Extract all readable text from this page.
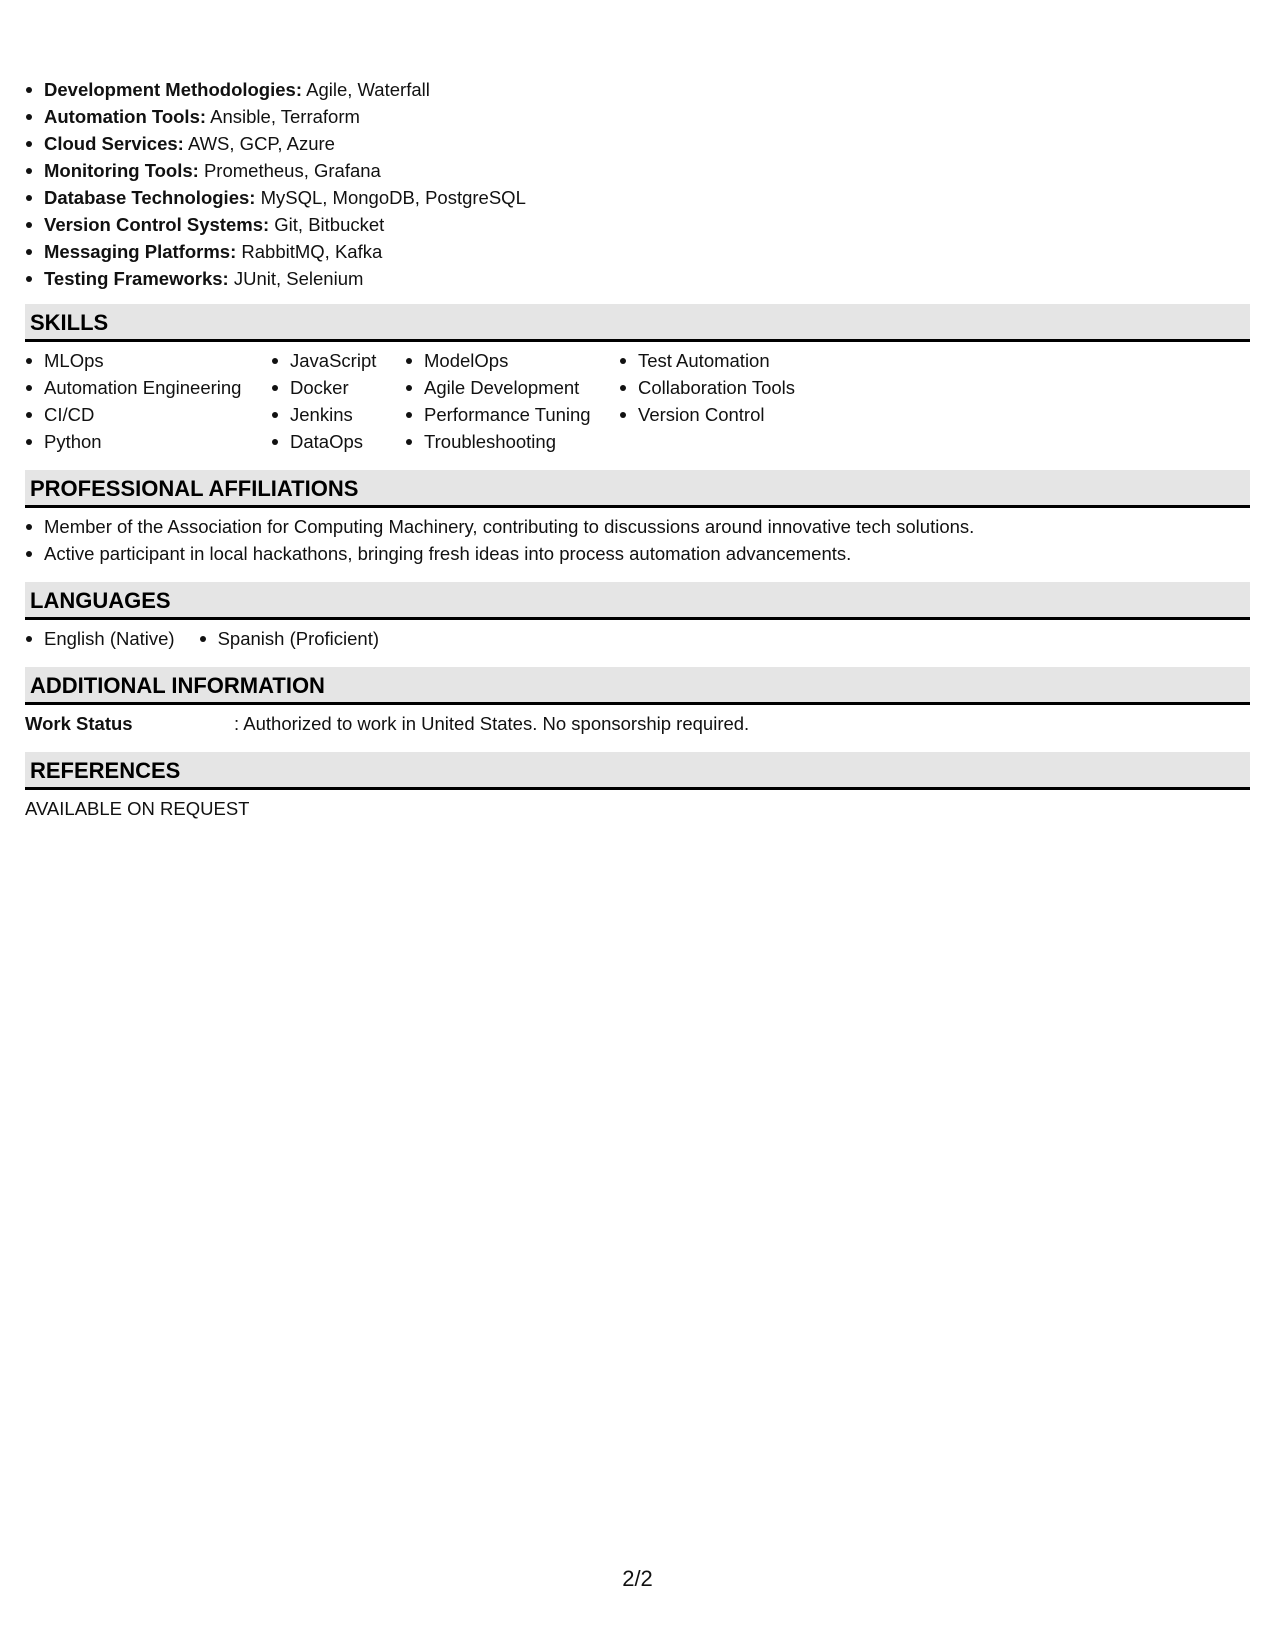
Development Methodologies: Agile, Waterfall
Automation Tools: Ansible, Terraform
Cloud Services: AWS, GCP, Azure
Monitoring Tools: Prometheus, Grafana
Database Technologies: MySQL, MongoDB, PostgreSQL
Version Control Systems: Git, Bitbucket
Messaging Platforms: RabbitMQ, Kafka
Testing Frameworks: JUnit, Selenium
SKILLS
MLOps
Automation Engineering
CI/CD
Python
JavaScript
Docker
Jenkins
DataOps
ModelOps
Agile Development
Performance Tuning
Troubleshooting
Test Automation
Collaboration Tools
Version Control
PROFESSIONAL AFFILIATIONS
Member of the Association for Computing Machinery, contributing to discussions around innovative tech solutions.
Active participant in local hackathons, bringing fresh ideas into process automation advancements.
LANGUAGES
English (Native)	Spanish (Proficient)
ADDITIONAL INFORMATION
Work Status	: Authorized to work in United States. No sponsorship required.
REFERENCES
AVAILABLE ON REQUEST
2/2
